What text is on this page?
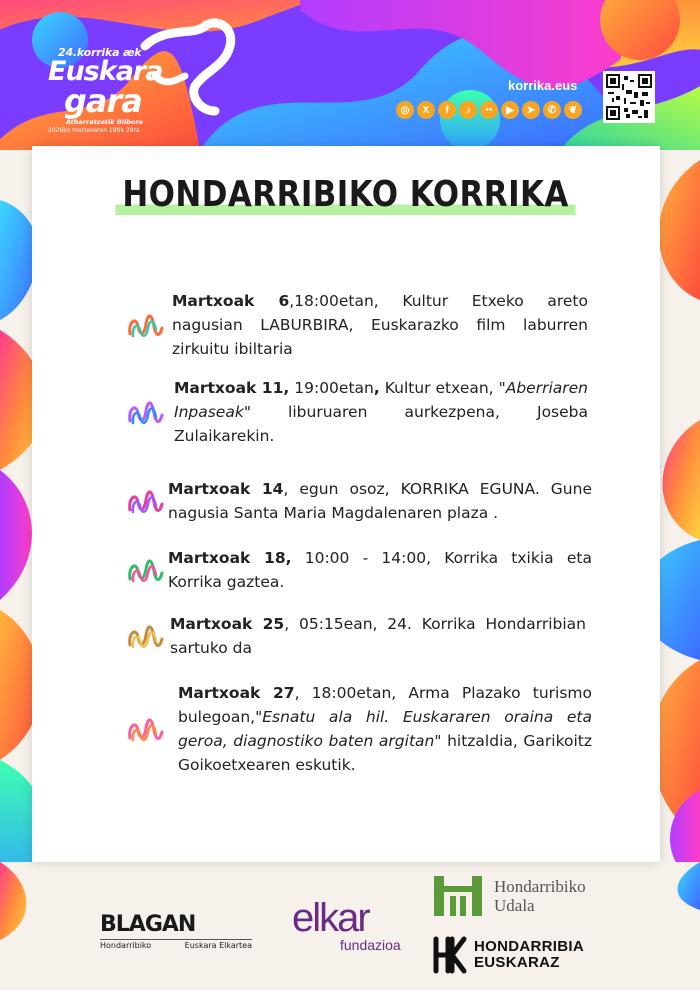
24.korrika æk
Euskara
gara
Atharratzetik Bilbora
2026ko martxoaren 19tik 29ra
korrika.eus
◎	X	f	♪	●●	▶	➤	✆	❦
HONDARRIBIKO KORRIKA
Martxoak 6,18:00etan, Kultur Etxeko areto nagusian LABURBIRA, Euskarazko film laburren zirkuitu ibiltaria
Martxoak 11, 19:00etan, Kultur etxean, "Aberriaren Inpaseak" liburuaren aurkezpena, Joseba Zulaikarekin.
Martxoak 14, egun osoz, KORRIKA EGUNA. Gune nagusia Santa Maria Magdalenaren plaza .
Martxoak 18, 10:00 - 14:00, Korrika txikia eta Korrika gaztea.
Martxoak 25, 05:15ean, 24. Korrika Hondarribian sartuko da
Martxoak 27, 18:00etan, Arma Plazako turismo bulegoan,"Esnatu ala hil. Euskararen oraina eta geroa, diagnostiko baten argitan" hitzaldia, Garikoitz Goikoetxearen eskutik.
BLAGAN
Hondarribiko	Euskara Elkartea
elkar
fundazioa
Hondarribiko
Udala
HONDARRIBIA
EUSKARAZ
